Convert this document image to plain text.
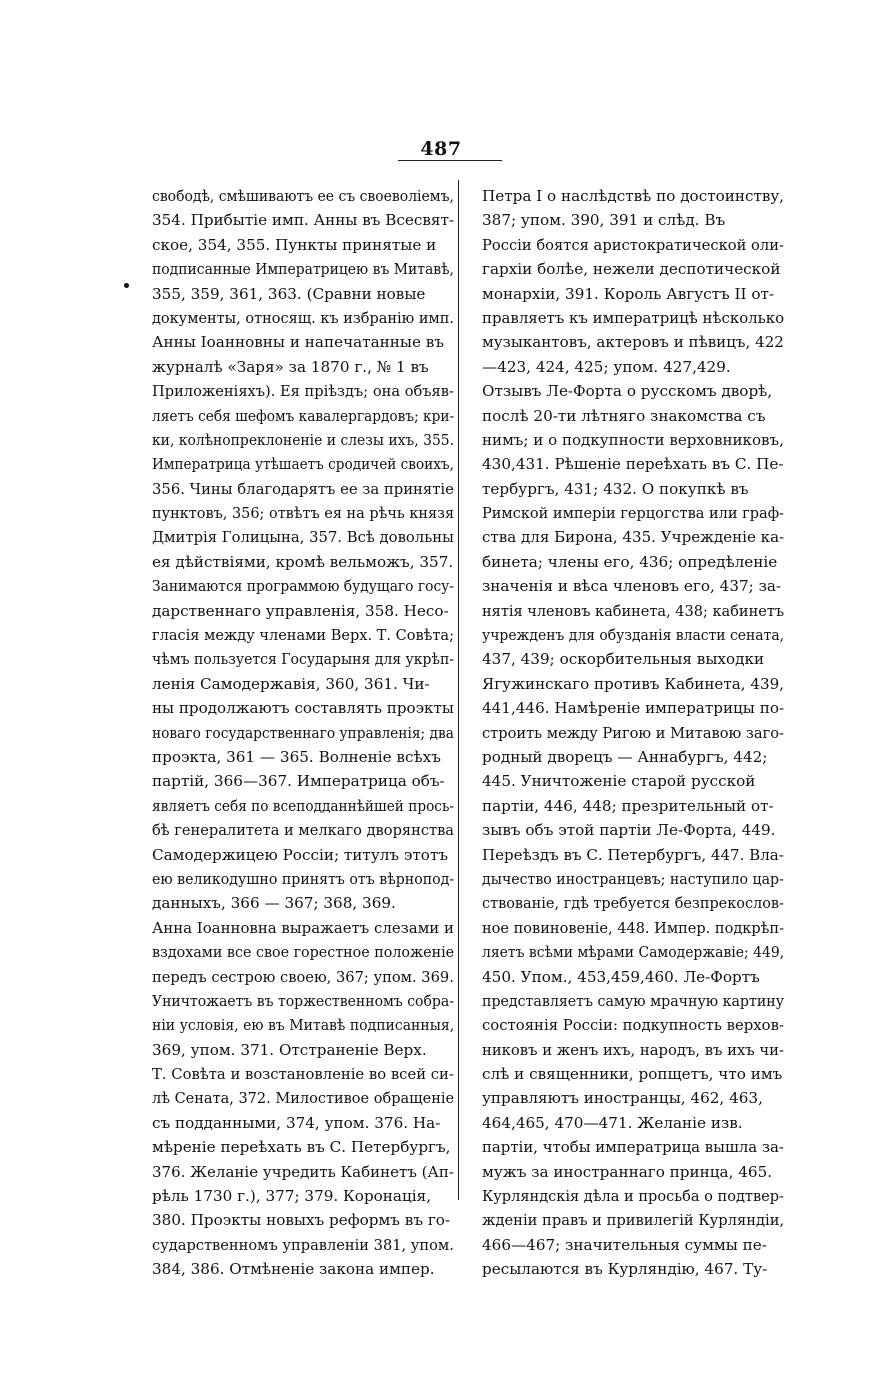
487
свободѣ, смѣшиваютъ ее съ своеволіемъ,
354. Прибытіе имп. Анны въ Всесвят-
ское, 354, 355. Пункты принятые и
подписанные Императрицею въ Митавѣ,
355, 359, 361, 363. (Сравни новые
документы, относящ. къ избранію имп.
Анны Іоанновны и напечатанные въ
журналѣ «Заря» за 1870 г., № 1 въ
Приложеніяхъ). Ея пріѣздъ; она объяв-
ляетъ себя шефомъ кавалергардовъ; кри-
ки, колѣнопреклоненіе и слезы ихъ, 355.
Императрица утѣшаетъ сродичей своихъ,
356. Чины благодарятъ ее за принятіе
пунктовъ, 356; отвѣтъ ея на рѣчь князя
Дмитрія Голицына, 357. Всѣ довольны
ея дѣйствіями, кромѣ вельможъ, 357.
Занимаются программою будущаго госу-
дарственнаго управленія, 358. Несо-
гласія между членами Верх. Т. Совѣта;
чѣмъ пользуется Государыня для укрѣп-
ленія Самодержавія, 360, 361. Чи-
ны продолжаютъ составлять проэкты
новаго государственнаго управленія; два
проэкта, 361 — 365. Волненіе всѣхъ
партій, 366—367. Императрица объ-
являетъ себя по всеподданнѣйшей прось-
бѣ генералитета и мелкаго дворянства
Самодержицею Россіи; титулъ этотъ
ею великодушно принятъ отъ вѣрнопод-
данныхъ, 366 — 367; 368, 369.
Анна Іоанновна выражаетъ слезами и
вздохами все свое горестное положеніе
передъ сестрою своею, 367; упом. 369.
Уничтожаетъ въ торжественномъ собра-
ніи условія, ею въ Митавѣ подписанныя,
369, упом. 371. Отстраненіе Верх.
Т. Совѣта и возстановленіе во всей си-
лѣ Сената, 372. Милостивое обращеніе
съ подданными, 374, упом. 376. На-
мѣреніе переѣхать въ С. Петербургъ,
376. Желаніе учредить Кабинетъ (Ап-
рѣль 1730 г.), 377; 379. Коронація,
380. Проэкты новыхъ реформъ въ го-
сударственномъ управленіи 381, упом.
384, 386. Отмѣненіе закона импер.
Петра I о наслѣдствѣ по достоинству,
387; упом. 390, 391 и слѣд. Въ
Россіи боятся аристократической оли-
гархіи болѣе, нежели деспотической
монархіи, 391. Король Августъ II от-
правляетъ къ императрицѣ нѣсколько
музыкантовъ, актеровъ и пѣвицъ, 422
—423, 424, 425; упом. 427,429.
Отзывъ Ле-Форта о русскомъ дворѣ,
послѣ 20-ти лѣтняго знакомства съ
нимъ; и о подкупности верховниковъ,
430,431. Рѣшеніе переѣхать въ С. Пе-
тербургъ, 431; 432. О покупкѣ въ
Римской имперіи герцогства или граф-
ства для Бирона, 435. Учрежденіе ка-
бинета; члены его, 436; опредѣленіе
значенія и вѣса членовъ его, 437; за-
нятія членовъ кабинета, 438; кабинетъ
учрежденъ для обузданія власти сената,
437, 439; оскорбительныя выходки
Ягужинскаго противъ Кабинета, 439,
441,446. Намѣреніе императрицы по-
строить между Ригою и Митавою заго-
родный дворецъ — Аннабургъ, 442;
445. Уничтоженіе старой русской
партіи, 446, 448; презрительный от-
зывъ объ этой партіи Ле-Форта, 449.
Переѣздъ въ С. Петербургъ, 447. Вла-
дычество иностранцевъ; наступило цар-
ствованіе, гдѣ требуется безпрекослов-
ное повиновеніе, 448. Импер. подкрѣп-
ляетъ всѣми мѣрами Самодержавіе; 449,
450. Упом., 453,459,460. Ле-Фортъ
представляетъ самую мрачную картину
состоянія Россіи: подкупность верхов-
никовъ и женъ ихъ, народъ, въ ихъ чи-
слѣ и священники, ропщетъ, что имъ
управляютъ иностранцы, 462, 463,
464,465, 470—471. Желаніе изв.
партіи, чтобы императрица вышла за-
мужъ за иностраннаго принца, 465.
Курляндскія дѣла и просьба о подтвер-
жденіи правъ и привилегій Курляндіи,
466—467; значительныя суммы пе-
ресылаются въ Курляндію, 467. Ту-
